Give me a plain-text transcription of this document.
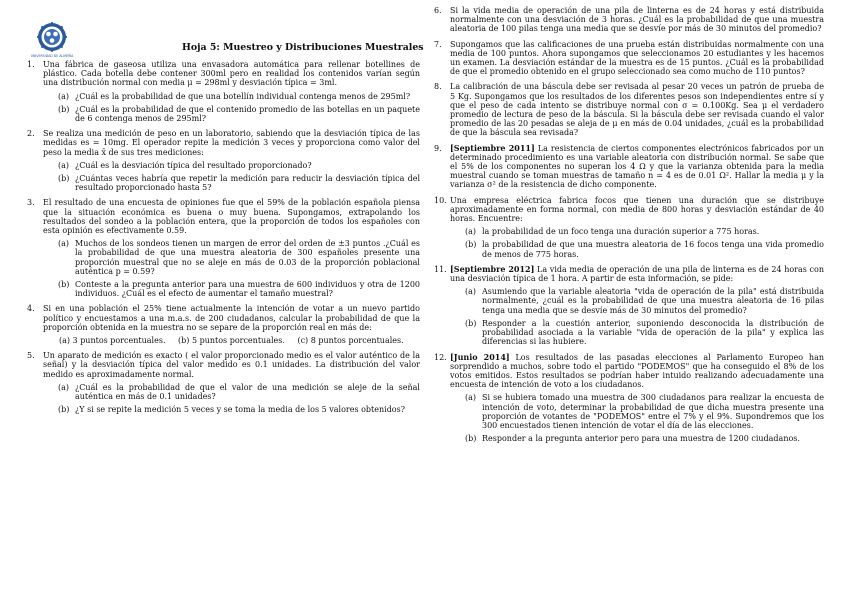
UNIVERSIDAD DE ALMERÍA
Hoja 5: Muestreo y Distribuciones Muestrales
1. Una fábrica de gaseosa utiliza una envasadora automática para rellenar botellines de plástico. Cada botella debe contener 300ml pero en realidad los contenidos varían según una distribución normal con media μ = 298ml y desviación típica = 3ml.
(a) ¿Cuál es la probabilidad de que una botellín individual contenga menos de 295ml?
(b) ¿Cuál es la probabilidad de que el contenido promedio de las botellas en un paquete de 6 contenga menos de 295ml?
2. Se realiza una medición de peso en un laboratorio, sabiendo que la desviación típica de las medidas es = 10mg. El operador repite la medición 3 veces y proporciona como valor del peso la media x̄ de sus tres mediciones:
(a) ¿Cuál es la desviación típica del resultado proporcionado?
(b) ¿Cuántas veces habría que repetir la medición para reducir la desviación típica del resultado proporcionado hasta 5?
3. El resultado de una encuesta de opiniones fue que el 59% de la población española piensa que la situación económica es buena o muy buena. Supongamos, extrapolando los resultados del sondeo a la población entera, que la proporción de todos los españoles con esta opinión es efectivamente 0.59.
(a) Muchos de los sondeos tienen un margen de error del orden de ±3 puntos .¿Cuál es la probabilidad de que una muestra aleatoria de 300 españoles presente una proporción muestral que no se aleje en más de 0.03 de la proporción poblacional auténtica p = 0.59?
(b) Conteste a la pregunta anterior para una muestra de 600 individuos y otra de 1200 individuos. ¿Cuál es el efecto de aumentar el tamaño muestral?
4. Si en una población el 25% tiene actualmente la intención de votar a un nuevo partido político y encuestamos a una m.a.s. de 200 ciudadanos, calcular la probabilidad de que la proporción obtenida en la muestra no se separe de la proporción real en más de:
(a) 3 puntos porcentuales. (b) 5 puntos porcentuales. (c) 8 puntos porcentuales.
5. Un aparato de medición es exacto ( el valor proporcionado medio es el valor auténtico de la señal) y la desviación típica del valor medido es 0.1 unidades. La distribución del valor medido es aproximadamente normal.
(a) ¿Cuál es la probabilidad de que el valor de una medición se aleje de la señal auténtica en más de 0.1 unidades?
(b) ¿Y si se repite la medición 5 veces y se toma la media de los 5 valores obtenidos?
6. Si la vida media de operación de una pila de linterna es de 24 horas y está distribuida normalmente con una desviación de 3 horas. ¿Cuál es la probabilidad de que una muestra aleatoria de 100 pilas tenga una media que se desvíe por más de 30 minutos del promedio?
7. Supongamos que las calificaciones de una prueba están distribuidas normalmente con una media de 100 puntos. Ahora supongamos que seleccionamos 20 estudiantes y les hacemos un examen. La desviación estándar de la muestra es de 15 puntos. ¿Cuál es la probabilidad de que el promedio obtenido en el grupo seleccionado sea como mucho de 110 puntos?
8. La calibración de una báscula debe ser revisada al pesar 20 veces un patrón de prueba de 5 Kg. Supongamos que los resultados de los diferentes pesos son independientes entre sí y que el peso de cada intento se distribuye normal con σ = 0.100Kg. Sea μ el verdadero promedio de lectura de peso de la báscula. Si la báscula debe ser revisada cuando el valor promedio de las 20 pesadas se aleja de μ en más de 0.04 unidades, ¿cuál es la probabilidad de que la báscula sea revisada?
9. [Septiembre 2011] La resistencia de ciertos componentes electrónicos fabricados por un determinado procedimiento es una variable aleatoria con distribución normal. Se sabe que el 5% de los componentes no superan los 4 Ω y que la varianza obtenida para la media muestral cuando se toman muestras de tamaño n = 4 es de 0.01 Ω². Hallar la media μ y la varianza σ² de la resistencia de dicho componente.
10. Una empresa eléctrica fabrica focos que tienen una duración que se distribuye aproximadamente en forma normal, con media de 800 horas y desviación estándar de 40 horas. Encuentre:
(a) la probabilidad de un foco tenga una duración superior a 775 horas.
(b) la probabilidad de que una muestra aleatoria de 16 focos tenga una vida promedio de menos de 775 horas.
11. [Septiembre 2012] La vida media de operación de una pila de linterna es de 24 horas con una desviación típica de 1 hora. A partir de esta información, se pide:
(a) Asumiendo que la variable aleatoria "vida de operación de la pila" está distribuida normalmente, ¿cuál es la probabilidad de que una muestra aleatoria de 16 pilas tenga una media que se desvíe más de 30 minutos del promedio?
(b) Responder a la cuestión anterior, suponiendo desconocida la distribución de probabilidad asociada a la variable "vida de operación de la pila" y explica las diferencias si las hubiere.
12. [Junio 2014] Los resultados de las pasadas elecciones al Parlamento Europeo han sorprendido a muchos, sobre todo el partido "PODEMOS" que ha conseguido el 8% de los votos emitidos. Estos resultados se podrían haber intuido realizando adecuadamente una encuesta de intención de voto a los ciudadanos.
(a) Si se hubiera tomado una muestra de 300 ciudadanos para realizar la encuesta de intención de voto, determinar la probabilidad de que dicha muestra presente una proporción de votantes de "PODEMOS" entre el 7% y el 9%. Supondremos que los 300 encuestados tienen intención de votar el día de las elecciones.
(b) Responder a la pregunta anterior pero para una muestra de 1200 ciudadanos.
